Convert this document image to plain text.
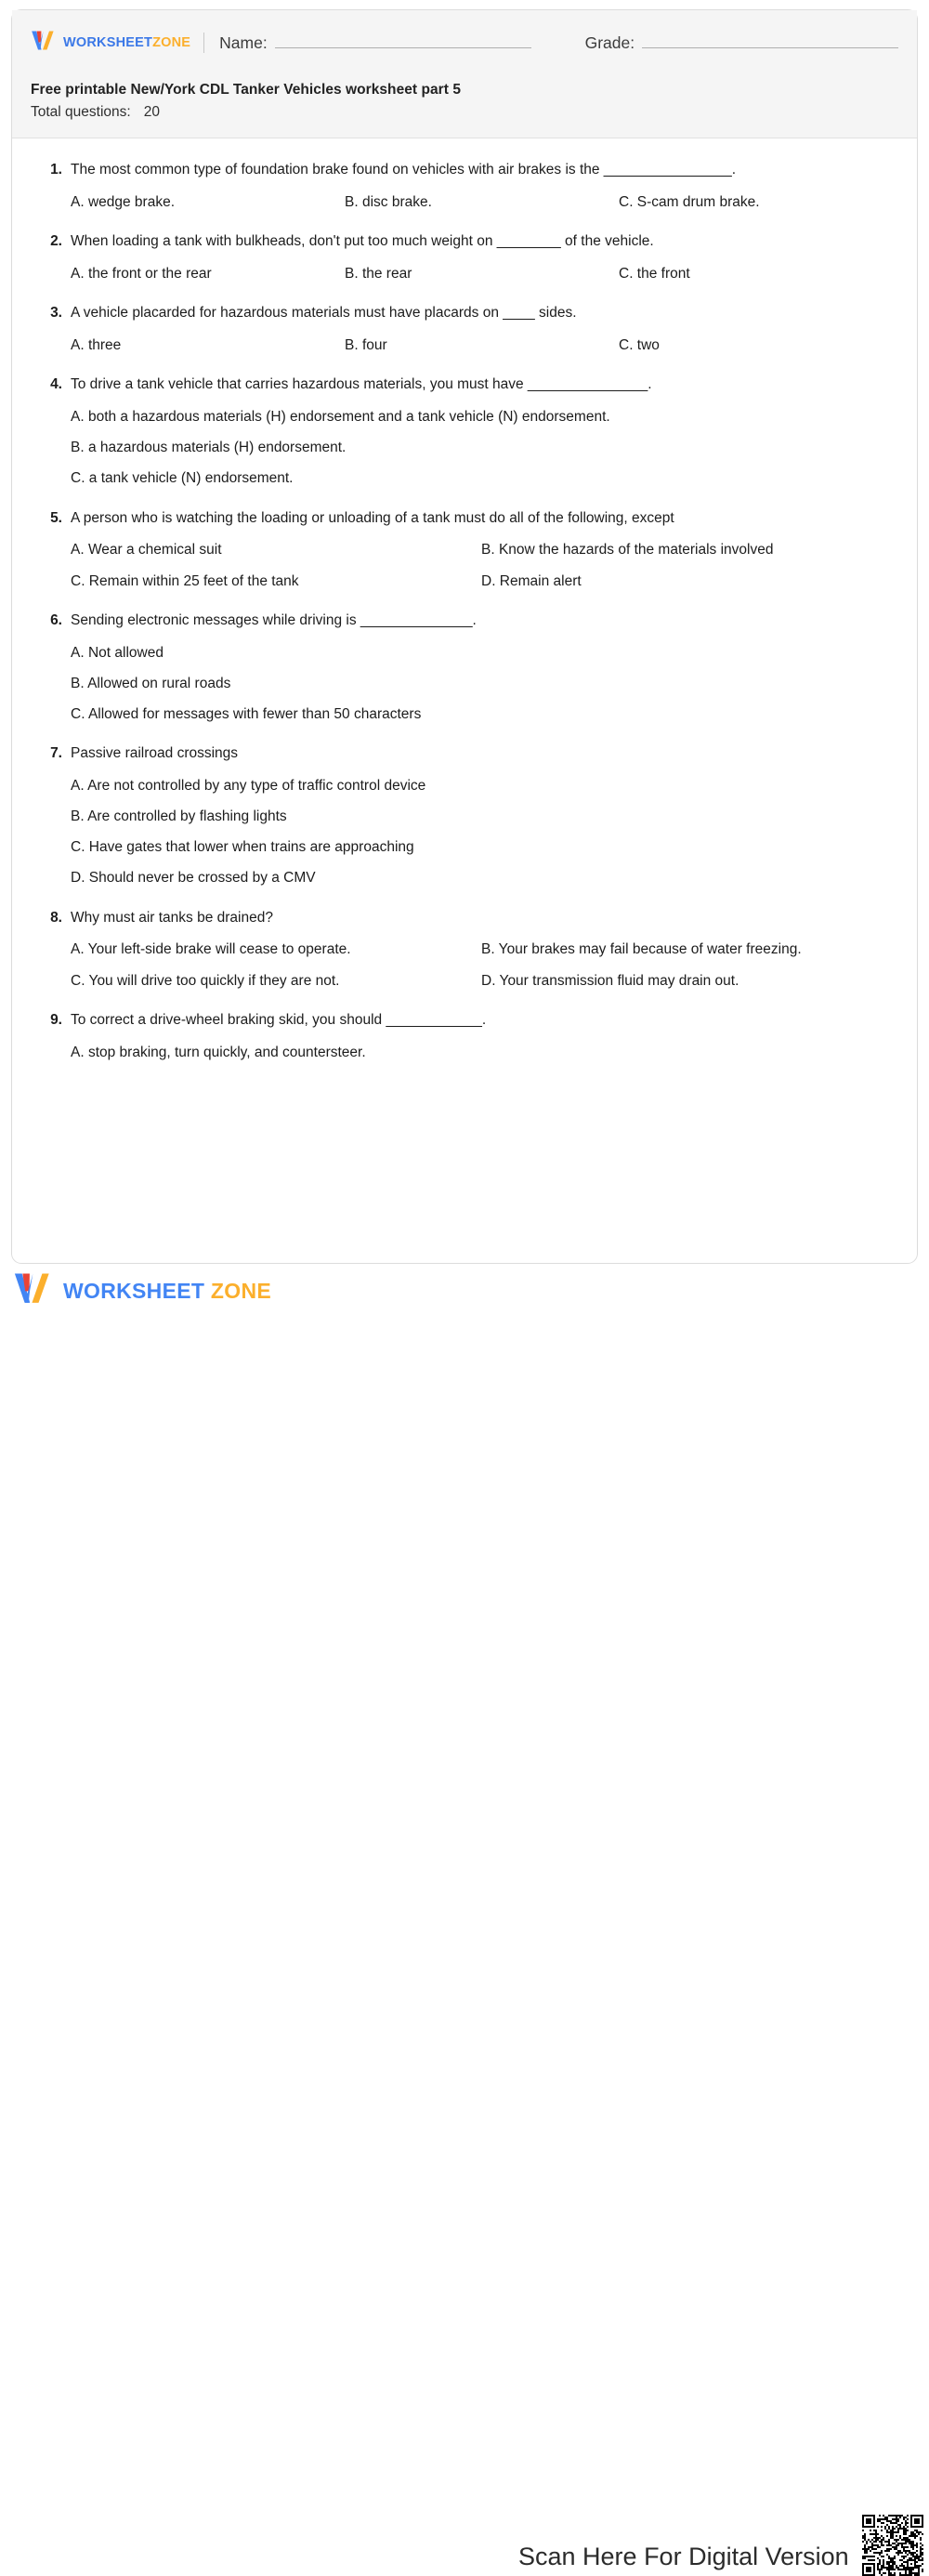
WORKSHEETZONE Name:	Grade:
Free printable New/York CDL Tanker Vehicles worksheet part 5
Total questions: 20
1. The most common type of foundation brake found on vehicles with air brakes is the ________________.
A. wedge brake.	B. disc brake.	C. S-cam drum brake.
2. When loading a tank with bulkheads, don't put too much weight on ________ of the vehicle.
A. the front or the rear	B. the rear	C. the front
3. A vehicle placarded for hazardous materials must have placards on ____ sides.
A. three	B. four	C. two
4. To drive a tank vehicle that carries hazardous materials, you must have _______________.
A. both a hazardous materials (H) endorsement and a tank vehicle (N) endorsement.
B. a hazardous materials (H) endorsement.
C. a tank vehicle (N) endorsement.
5. A person who is watching the loading or unloading of a tank must do all of the following, except
A. Wear a chemical suit	B. Know the hazards of the materials involved
C. Remain within 25 feet of the tank	D. Remain alert
6. Sending electronic messages while driving is ______________.
A. Not allowed
B. Allowed on rural roads
C. Allowed for messages with fewer than 50 characters
7. Passive railroad crossings
A. Are not controlled by any type of traffic control device
B. Are controlled by flashing lights
C. Have gates that lower when trains are approaching
D. Should never be crossed by a CMV
8. Why must air tanks be drained?
A. Your left-side brake will cease to operate.	B. Your brakes may fail because of water freezing.
C. You will drive too quickly if they are not.	D. Your transmission fluid may drain out.
9. To correct a drive-wheel braking skid, you should ____________.
A. stop braking, turn quickly, and countersteer.
WORKSHEET ZONE
Scan Here For Digital Version
